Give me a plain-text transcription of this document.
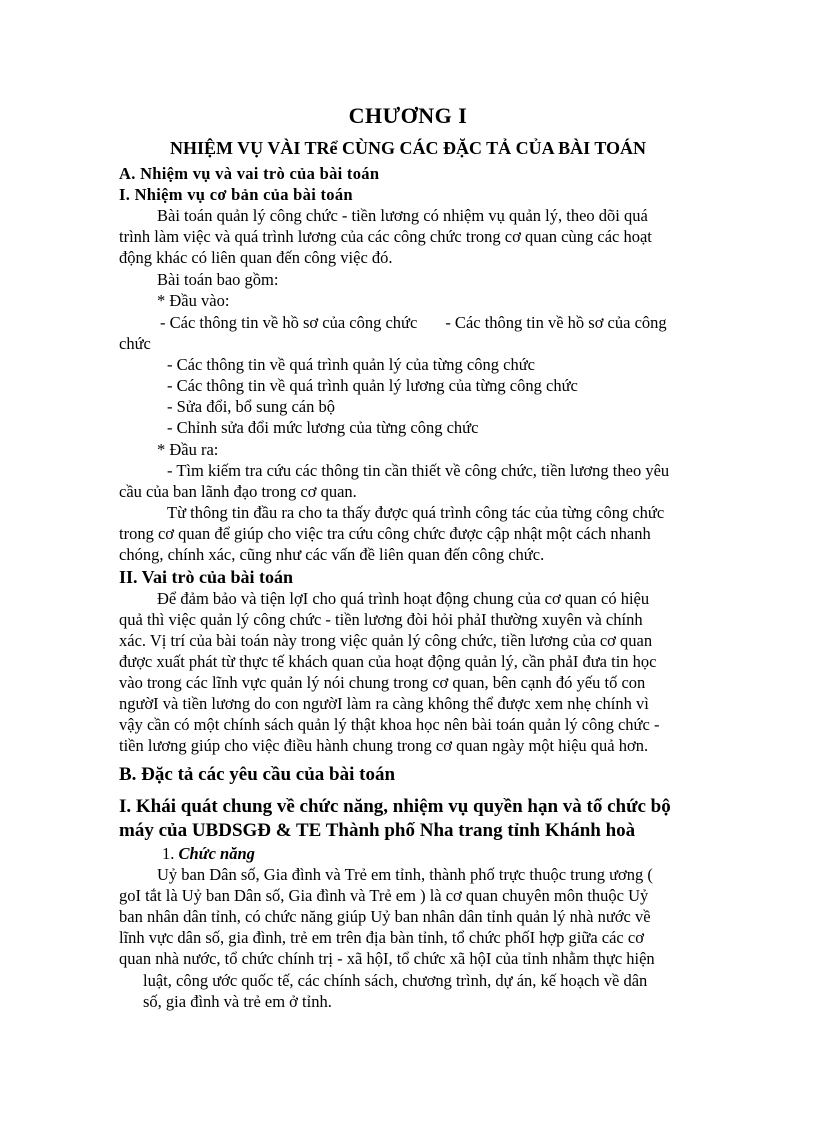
CHƯƠNG I
NHIỆM VỤ VÀI TRể CÙNG CÁC ĐẶC TẢ CỦA BÀI TOÁN
A. Nhiệm vụ và vai trò của bài toán
I. Nhiệm vụ cơ bản của bài toán
Bài toán quản lý công chức - tiền lương có nhiệm vụ quản lý, theo dõi quá
trình làm việc và quá trình lương của các công chức trong cơ quan cùng các hoạt
động khác có liên quan đến công việc đó.
Bài toán bao gồm:
* Đầu vào:
- Các thông tin về hồ sơ của công chức - Các thông tin về hồ sơ của công
chức
- Các thông tin về quá trình quản lý của từng công chức
- Các thông tin về quá trình quản lý lương của từng công chức
- Sửa đổi, bổ sung cán bộ
- Chỉnh sửa đổi mức lương của từng công chức
* Đầu ra:
- Tìm kiếm tra cứu các thông tin cần thiết về công chức, tiền lương theo yêu
cầu của ban lãnh đạo trong cơ quan.
Từ thông tin đầu ra cho ta thấy được quá trình công tác của từng công chức
trong cơ quan để giúp cho việc tra cứu công chức được cập nhật một cách nhanh
chóng, chính xác, cũng như các vấn đề liên quan đến công chức.
II. Vai trò của bài toán
Để đảm bảo và tiện lợI cho quá trình hoạt động chung của cơ quan có hiệu
quả thì việc quản lý công chức - tiền lương đòi hỏi phảI thường xuyên và chính
xác. Vị trí của bài toán này trong việc quản lý công chức, tiền lương của cơ quan
được xuất phát từ thực tế khách quan của hoạt động quản lý, cần phảI đưa tin học
vào trong các lĩnh vực quản lý nói chung trong cơ quan, bên cạnh đó yếu tố con
ngườI và tiền lương do con ngườI làm ra càng không thể được xem nhẹ chính vì
vậy cần có một chính sách quản lý thật khoa học nên bài toán quản lý công chức -
tiền lương giúp cho việc điều hành chung trong cơ quan ngày một hiệu quả hơn.
B. Đặc tả các yêu cầu của bài toán
I. Khái quát chung về chức năng, nhiệm vụ quyền hạn và tổ chức bộ
máy của UBDSGĐ & TE Thành phố Nha trang tỉnh Khánh hoà
1. Chức năng
Uỷ ban Dân số, Gia đình và Trẻ em tỉnh, thành phố trực thuộc trung ương (
goI tắt là Uỷ ban Dân số, Gia đình và Trẻ em ) là cơ quan chuyên môn thuộc Uỷ
ban nhân dân tỉnh, có chức năng giúp Uỷ ban nhân dân tỉnh quản lý nhà nước về
lĩnh vực dân số, gia đình, trẻ em trên địa bàn tỉnh, tổ chức phốI hợp giữa các cơ
quan nhà nước, tổ chức chính trị - xã hộI, tổ chức xã hộI của tỉnh nhằm thực hiện
luật, công ước quốc tế, các chính sách, chương trình, dự án, kế hoạch về dân
số, gia đình và trẻ em ở tỉnh.
